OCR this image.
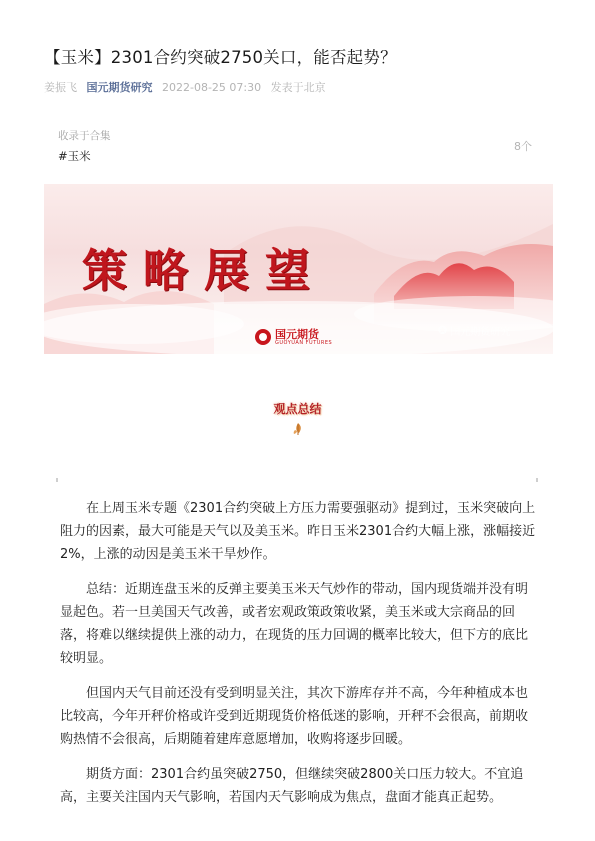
【玉米】2301合约突破2750关口，能否起势？
姜振飞 国元期货研究 2022-08-25 07:30 发表于北京
收录于合集
#玉米
8个
策略展望
国元期货
GUOYUAN FUTURES
✪ 国元期货研究
观点总结

在上周玉米专题《2301合约突破上方压力需要强驱动》提到过，玉米突破向上阻力的因素，最大可能是天气以及美玉米。昨日玉米2301合约大幅上涨，涨幅接近2%，上涨的动因是美玉米干旱炒作。

总结：近期连盘玉米的反弹主要美玉米天气炒作的带动，国内现货端并没有明显起色。若一旦美国天气改善，或者宏观政策政策收紧，美玉米或大宗商品的回落，将难以继续提供上涨的动力，在现货的压力回调的概率比较大，但下方的底比较明显。

但国内天气目前还没有受到明显关注，其次下游库存并不高，今年种植成本也比较高，今年开秤价格或许受到近期现货价格低迷的影响，开秤不会很高，前期收购热情不会很高，后期随着建库意愿增加，收购将逐步回暖。

期货方面：2301合约虽突破2750，但继续突破2800关口压力较大。不宜追高，主要关注国内天气影响，若国内天气影响成为焦点，盘面才能真正起势。
